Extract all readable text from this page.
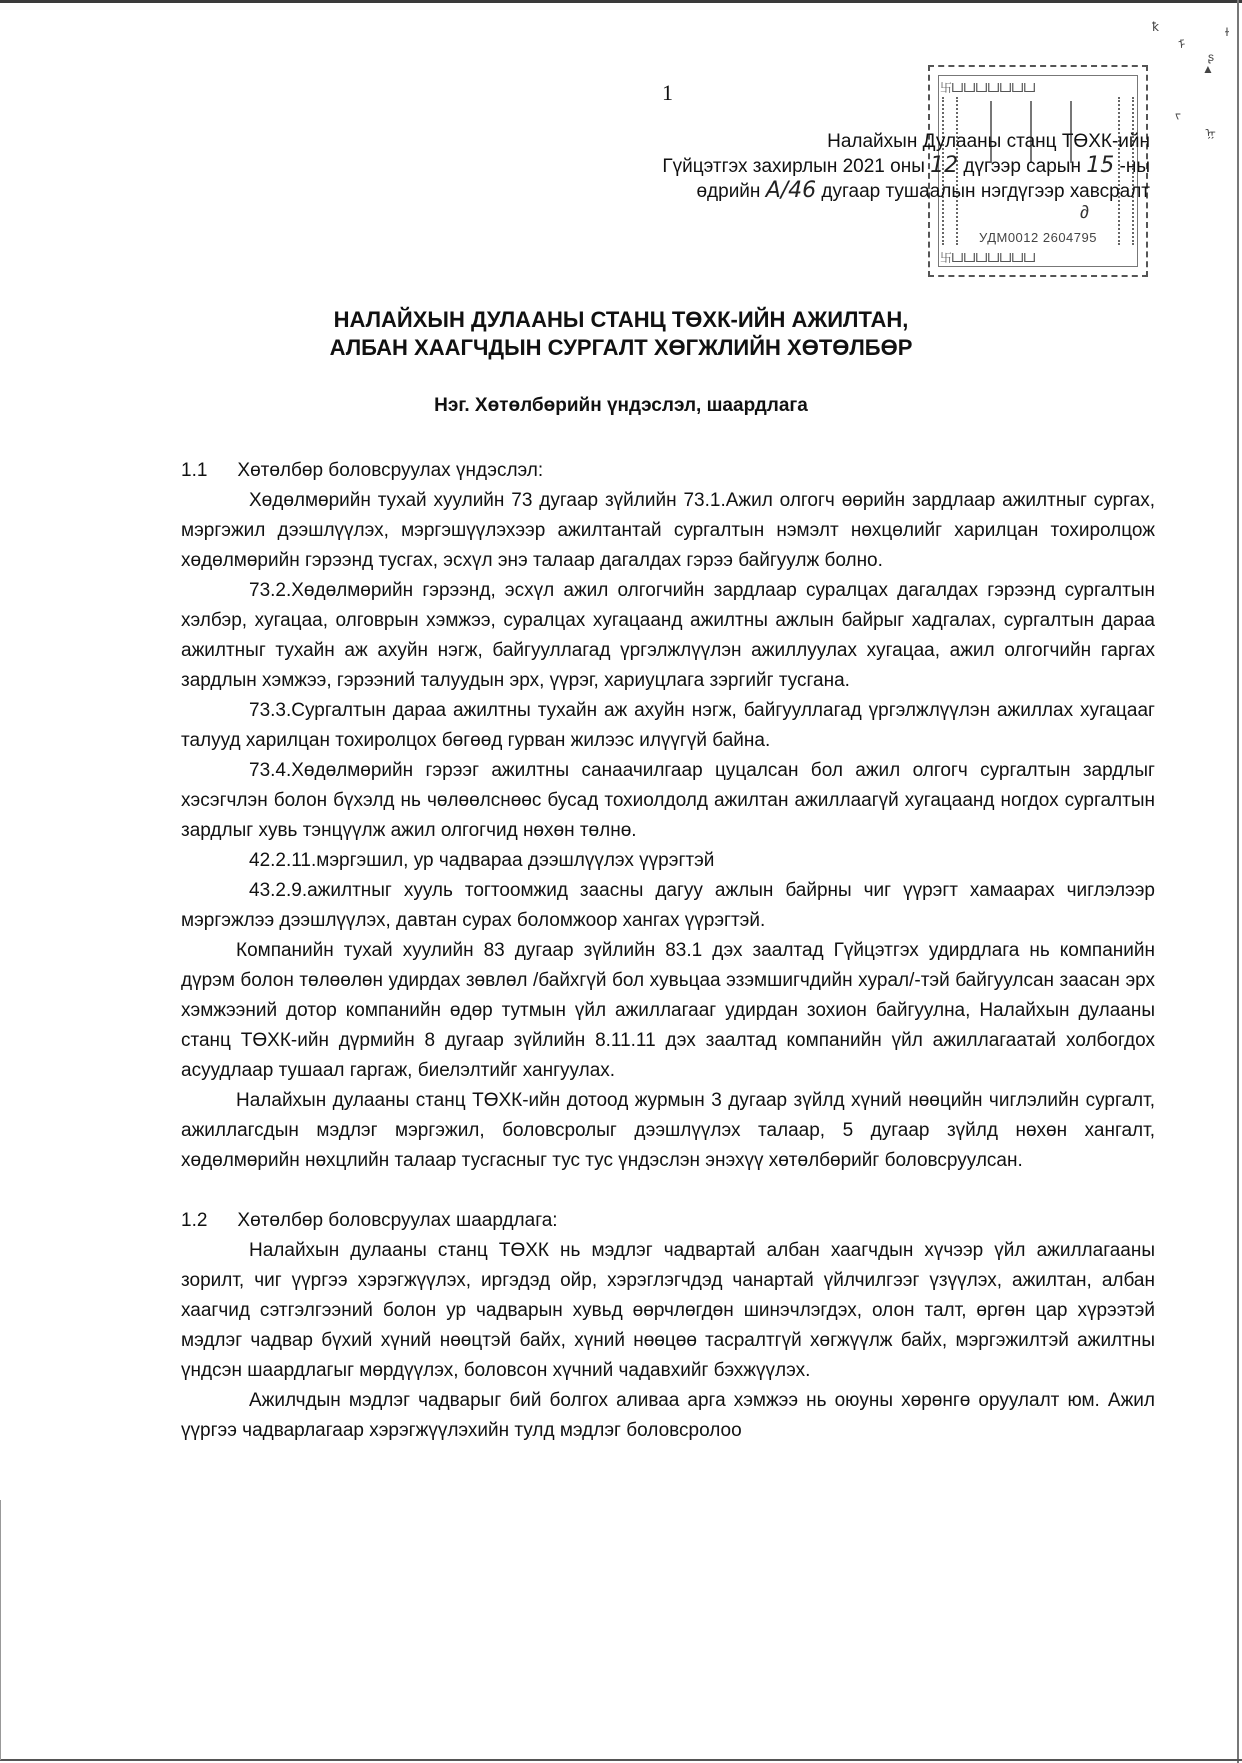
1	卐ᒪᒧᒪᒧᒪᒧᒪᒧᒪᒧᒪᒧᒪᒧ
∂
УДМ0012 2604795
卐ᒪᒧᒪᒧᒪᒧᒪᒧᒪᒧᒪᒧᒪᒧ
Налайхын Дулааны станц ТӨХК-ийн
Гүйцэтгэх захирлын 2021 оны 12 дүгээр сарын 15 -ны
өдрийн А/46 дугаар тушаалын нэгдүгээр хавсралт
ꝁ
ᠮ
ɫ
ʂ
▲
ᠵ
ᡍ
НАЛАЙХЫН ДУЛААНЫ СТАНЦ ТӨХК-ИЙН АЖИЛТАН,
АЛБАН ХААГЧДЫН СУРГАЛТ ХӨГЖЛИЙН ХӨТӨЛБӨР
Нэг. Хөтөлбөрийн үндэслэл, шаардлага
1.1 Хөтөлбөр боловсруулах үндэслэл:

Хөдөлмөрийн тухай хуулийн 73 дугаар зүйлийн 73.1.Ажил олгогч өөрийн зардлаар ажилтныг сургах, мэргэжил дээшлүүлэх, мэргэшүүлэхээр ажилтантай сургалтын нэмэлт нөхцөлийг харилцан тохиролцож хөдөлмөрийн гэрээнд тусгах, эсхүл энэ талаар дагалдах гэрээ байгуулж болно.

73.2.Хөдөлмөрийн гэрээнд, эсхүл ажил олгогчийн зардлаар суралцах дагалдах гэрээнд сургалтын хэлбэр, хугацаа, олговрын хэмжээ, суралцах хугацаанд ажилтны ажлын байрыг хадгалах, сургалтын дараа ажилтныг тухайн аж ахуйн нэгж, байгууллагад үргэлжлүүлэн ажиллуулах хугацаа, ажил олгогчийн гаргах зардлын хэмжээ, гэрээний талуудын эрх, үүрэг, хариуцлага зэргийг тусгана.

73.3.Сургалтын дараа ажилтны тухайн аж ахуйн нэгж, байгууллагад үргэлжлүүлэн ажиллах хугацааг талууд харилцан тохиролцох бөгөөд гурван жилээс илүүгүй байна.

73.4.Хөдөлмөрийн гэрээг ажилтны санаачилгаар цуцалсан бол ажил олгогч сургалтын зардлыг хэсэгчлэн болон бүхэлд нь чөлөөлснөөс бусад тохиолдолд ажилтан ажиллаагүй хугацаанд ногдох сургалтын зардлыг хувь тэнцүүлж ажил олгогчид нөхөн төлнө.

42.2.11.мэргэшил, ур чадвараа дээшлүүлэх үүрэгтэй

43.2.9.ажилтныг хууль тогтоомжид заасны дагуу ажлын байрны чиг үүрэгт хамаарах чиглэлээр мэргэжлээ дээшлүүлэх, давтан сурах боломжоор хангах үүрэгтэй.

Компанийн тухай хуулийн 83 дугаар зүйлийн 83.1 дэх заалтад Гүйцэтгэх удирдлага нь компанийн дүрэм болон төлөөлөн удирдах зөвлөл /байхгүй бол хувьцаа эзэмшигчдийн хурал/-тэй байгуулсан заасан эрх хэмжээний дотор компанийн өдөр тутмын үйл ажиллагааг удирдан зохион байгуулна, Налайхын дулааны станц ТӨХК-ийн дүрмийн 8 дугаар зүйлийн 8.11.11 дэх заалтад компанийн үйл ажиллагаатай холбогдох асуудлаар тушаал гаргаж, биелэлтийг хангуулах.

Налайхын дулааны станц ТӨХК-ийн дотоод журмын 3 дугаар зүйлд хүний нөөцийн чиглэлийн сургалт, ажиллагсдын мэдлэг мэргэжил, боловсролыг дээшлүүлэх талаар, 5 дугаар зүйлд нөхөн хангалт, хөдөлмөрийн нөхцлийн талаар тусгасныг тус тус үндэслэн энэхүү хөтөлбөрийг боловсруулсан.

1.2 Хөтөлбөр боловсруулах шаардлага:

Налайхын дулааны станц ТӨХК нь мэдлэг чадвартай албан хаагчдын хүчээр үйл ажиллагааны зорилт, чиг үүргээ хэрэгжүүлэх, иргэдэд ойр, хэрэглэгчдэд чанартай үйлчилгээг үзүүлэх, ажилтан, албан хаагчид сэтгэлгээний болон ур чадварын хувьд өөрчлөгдөн шинэчлэгдэх, олон талт, өргөн цар хүрээтэй мэдлэг чадвар бүхий хүний нөөцтэй байх, хүний нөөцөө тасралтгүй хөгжүүлж байх, мэргэжилтэй ажилтны үндсэн шаардлагыг мөрдүүлэх, боловсон хүчний чадавхийг бэхжүүлэх.

Ажилчдын мэдлэг чадварыг бий болгох аливаа арга хэмжээ нь оюуны хөрөнгө оруулалт юм. Ажил үүргээ чадварлагаар хэрэгжүүлэхийн тулд мэдлэг боловсролоо
